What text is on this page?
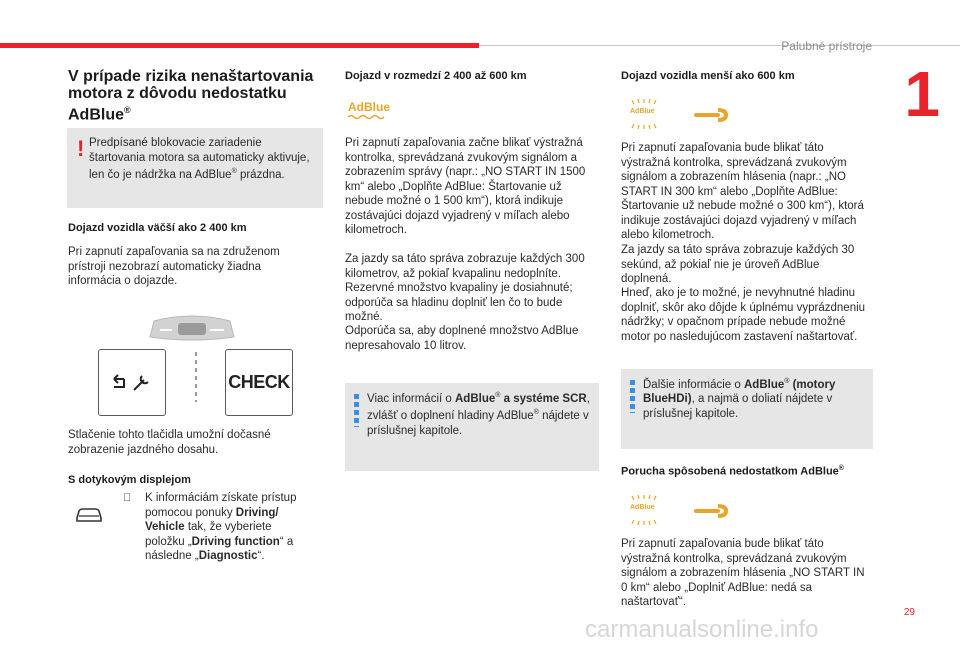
Palubné prístroje
1
V prípade rizika nenaštartovania motora z dôvodu nedostatku AdBlue®
! Predpísané blokovacie zariadenie štartovania motora sa automaticky aktivuje, len čo je nádržka na AdBlue® prázdna.
Dojazd vozidla väčší ako 2 400 km
Pri zapnutí zapaľovania sa na združenom prístroji nezobrazí automaticky žiadna informácia o dojazde.
CHECK
Stlačenie tohto tlačidla umožní dočasné zobrazenie jazdného dosahu.
S dotykovým displejom
K informáciám získate prístup pomocou ponuky Driving/ Vehicle tak, že vyberiete položku „Driving function“ a následne „Diagnostic“.
Dojazd v rozmedzí 2 400 až 600 km
AdBlue
Pri zapnutí zapaľovania začne blikať výstražná kontrolka, sprevádzaná zvukovým signálom a zobrazením správy (napr.: „NO START IN 1500 km“ alebo „Doplňte AdBlue: Štartovanie už nebude možné o 1 500 km“), ktorá indikuje zostávajúci dojazd vyjadrený v míľach alebo kilometroch.
Za jazdy sa táto správa zobrazuje každých 300 kilometrov, až pokiaľ kvapalinu nedoplníte. Rezervné množstvo kvapaliny je dosiahnuté; odporúča sa hladinu doplniť len čo to bude možné.
Odporúča sa, aby doplnené množstvo AdBlue nepresahovalo 10 litrov.
Viac informácií o AdBlue® a systéme SCR, zvlášť o doplnení hladiny AdBlue® nájdete v príslušnej kapitole.
Dojazd vozidla menší ako 600 km
AdBlue
Pri zapnutí zapaľovania bude blikať táto výstražná kontrolka, sprevádzaná zvukovým signálom a zobrazením hlásenia (napr.: „NO START IN 300 km“ alebo „Doplňte AdBlue: Štartovanie už nebude možné o 300 km“), ktorá indikuje zostávajúci dojazd vyjadrený v míľach alebo kilometroch.
Za jazdy sa táto správa zobrazuje každých 30 sekúnd, až pokiaľ nie je úroveň AdBlue doplnená.
Hneď, ako je to možné, je nevyhnutné hladinu doplniť, skôr ako dôjde k úplnému vyprázdneniu nádržky; v opačnom prípade nebude možné motor po nasledujúcom zastavení naštartovať.
Ďalšie informácie o AdBlue® (motory BlueHDi), a najmä o doliatí nájdete v príslušnej kapitole.
Porucha spôsobená nedostatkom AdBlue®
AdBlue
Pri zapnutí zapaľovania bude blikať táto výstražná kontrolka, sprevádzaná zvukovým signálom a zobrazením hlásenia „NO START IN 0 km“ alebo „Doplniť AdBlue: nedá sa naštartovať“.
29
carmanualsonline.info
